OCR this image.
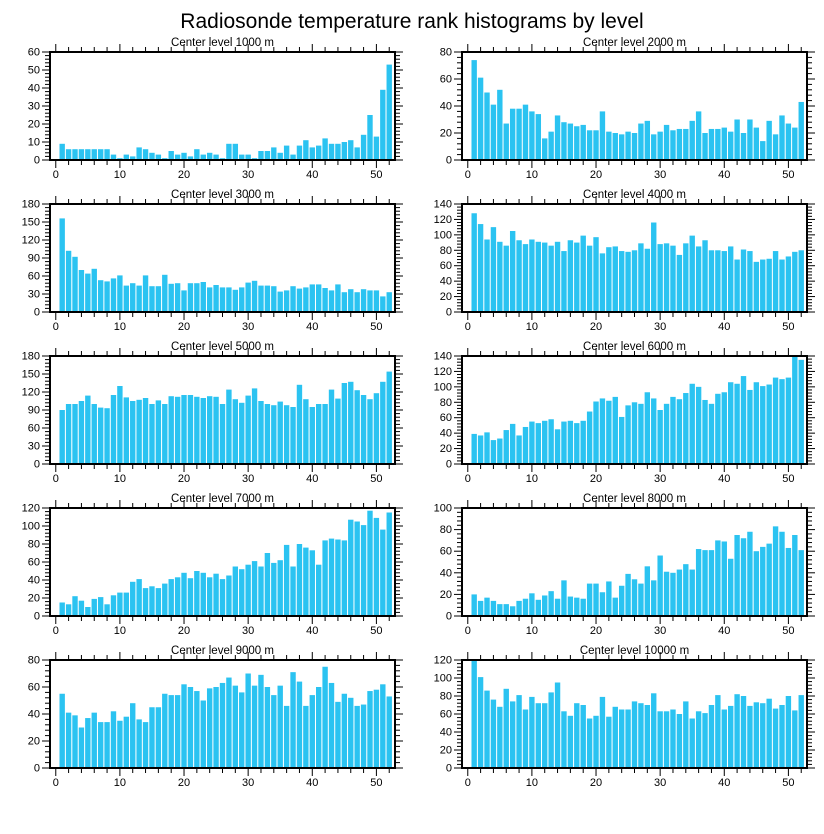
Radiosonde temperature rank histograms by level
Center level 1000 m
0	10	20	30	40	50
0
10
20
30
40
50
60
Center level 2000 m
0	10	20	30	40	50
0
20
40
60
80
Center level 3000 m
0	10	20	30	40	50
0
30
60
90
120
150
180
Center level 4000 m
0	10	20	30	40	50
0
20
40
60
80
100
120
140
Center level 5000 m
0	10	20	30	40	50
0
30
60
90
120
150
180
Center level 6000 m
0	10	20	30	40	50
0
20
40
60
80
100
120
140
Center level 7000 m
0	10	20	30	40	50
0
20
40
60
80
100
120
Center level 8000 m
0	10	20	30	40	50
0
20
40
60
80
100
Center level 9000 m
0	10	20	30	40	50
0
20
40
60
80
Center level 10000 m
0	10	20	30	40	50
0
20
40
60
80
100
120
